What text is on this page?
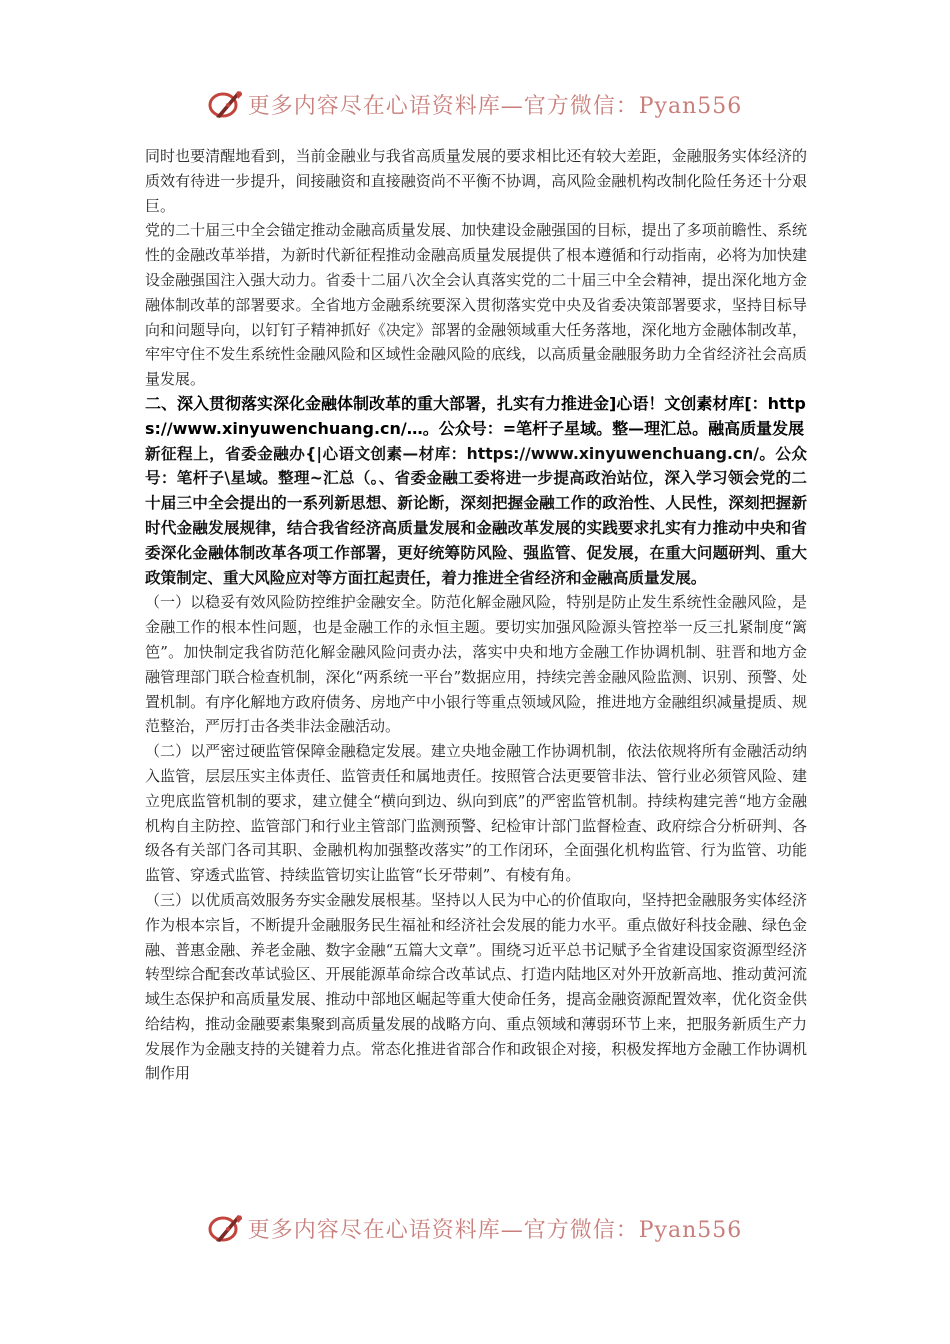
更多内容尽在心语资料库—官方微信：Pyan556

同时也要清醒地看到，当前金融业与我省高质量发展的要求相比还有较大差距，金融服务实体经济的质效有待进一步提升，间接融资和直接融资尚不平衡不协调，高风险金融机构改制化险任务还十分艰巨。

党的二十届三中全会锚定推动金融高质量发展、加快建设金融强国的目标，提出了多项前瞻性、系统性的金融改革举措，为新时代新征程推动金融高质量发展提供了根本遵循和行动指南，必将为加快建设金融强国注入强大动力。省委十二届八次全会认真落实党的二十届三中全会精神，提出深化地方金融体制改革的部署要求。全省地方金融系统要深入贯彻落实党中央及省委决策部署要求，坚持目标导向和问题导向，以钉钉子精神抓好《决定》部署的金融领域重大任务落地，深化地方金融体制改革，牢牢守住不发生系统性金融风险和区域性金融风险的底线，以高质量金融服务助力全省经济社会高质量发展。

二、深入贯彻落实深化金融体制改革的重大部署，扎实有力推进金]心语！文创素材库[：https://www.xinyuwenchuang.cn/…。公众号：=笔杆子星域。整—理汇总。融高质量发展

新征程上，省委金融办{|心语文创素—材库：https://www.xinyuwenchuang.cn/。公众号：笔杆子\星域。整理~汇总（。、省委金融工委将进一步提高政治站位，深入学习领会党的二十届三中全会提出的一系列新思想、新论断，深刻把握金融工作的政治性、人民性，深刻把握新时代金融发展规律，结合我省经济高质量发展和金融改革发展的实践要求扎实有力推动中央和省委深化金融体制改革各项工作部署，更好统筹防风险、强监管、促发展，在重大问题研判、重大政策制定、重大风险应对等方面扛起责任，着力推进全省经济和金融高质量发展。

（一）以稳妥有效风险防控维护金融安全。防范化解金融风险，特别是防止发生系统性金融风险，是金融工作的根本性问题，也是金融工作的永恒主题。要切实加强风险源头管控举一反三扎紧制度“篱笆”。加快制定我省防范化解金融风险问责办法，落实中央和地方金融工作协调机制、驻晋和地方金融管理部门联合检查机制，深化“两系统一平台”数据应用，持续完善金融风险监测、识别、预警、处置机制。有序化解地方政府债务、房地产中小银行等重点领域风险，推进地方金融组织减量提质、规范整治，严厉打击各类非法金融活动。

（二）以严密过硬监管保障金融稳定发展。建立央地金融工作协调机制，依法依规将所有金融活动纳入监管，层层压实主体责任、监管责任和属地责任。按照管合法更要管非法、管行业必须管风险、建立兜底监管机制的要求，建立健全“横向到边、纵向到底”的严密监管机制。持续构建完善“地方金融机构自主防控、监管部门和行业主管部门监测预警、纪检审计部门监督检查、政府综合分析研判、各级各有关部门各司其职、金融机构加强整改落实”的工作闭环，全面强化机构监管、行为监管、功能监管、穿透式监管、持续监管切实让监管“长牙带刺”、有棱有角。

（三）以优质高效服务夯实金融发展根基。坚持以人民为中心的价值取向，坚持把金融服务实体经济作为根本宗旨，不断提升金融服务民生福祉和经济社会发展的能力水平。重点做好科技金融、绿色金融、普惠金融、养老金融、数字金融“五篇大文章”。围绕习近平总书记赋予全省建设国家资源型经济转型综合配套改革试验区、开展能源革命综合改革试点、打造内陆地区对外开放新高地、推动黄河流域生态保护和高质量发展、推动中部地区崛起等重大使命任务，提高金融资源配置效率，优化资金供给结构，推动金融要素集聚到高质量发展的战略方向、重点领域和薄弱环节上来，把服务新质生产力发展作为金融支持的关键着力点。常态化推进省部合作和政银企对接，积极发挥地方金融工作协调机制作用

更多内容尽在心语资料库—官方微信：Pyan556
